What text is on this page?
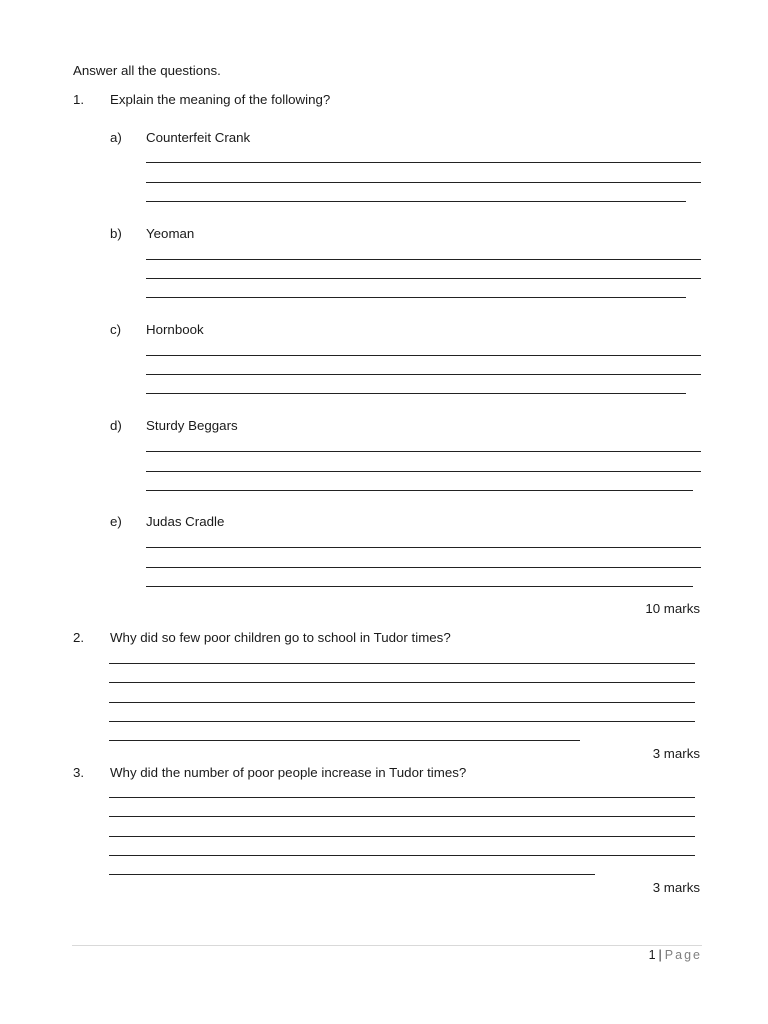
Answer all the questions.
1. Explain the meaning of the following?
a) Counterfeit Crank
b) Yeoman
c) Hornbook
d) Sturdy Beggars
e) Judas Cradle
10 marks
2. Why did so few poor children go to school in Tudor times?
3 marks
3. Why did the number of poor people increase in Tudor times?
3 marks
1 | Page
